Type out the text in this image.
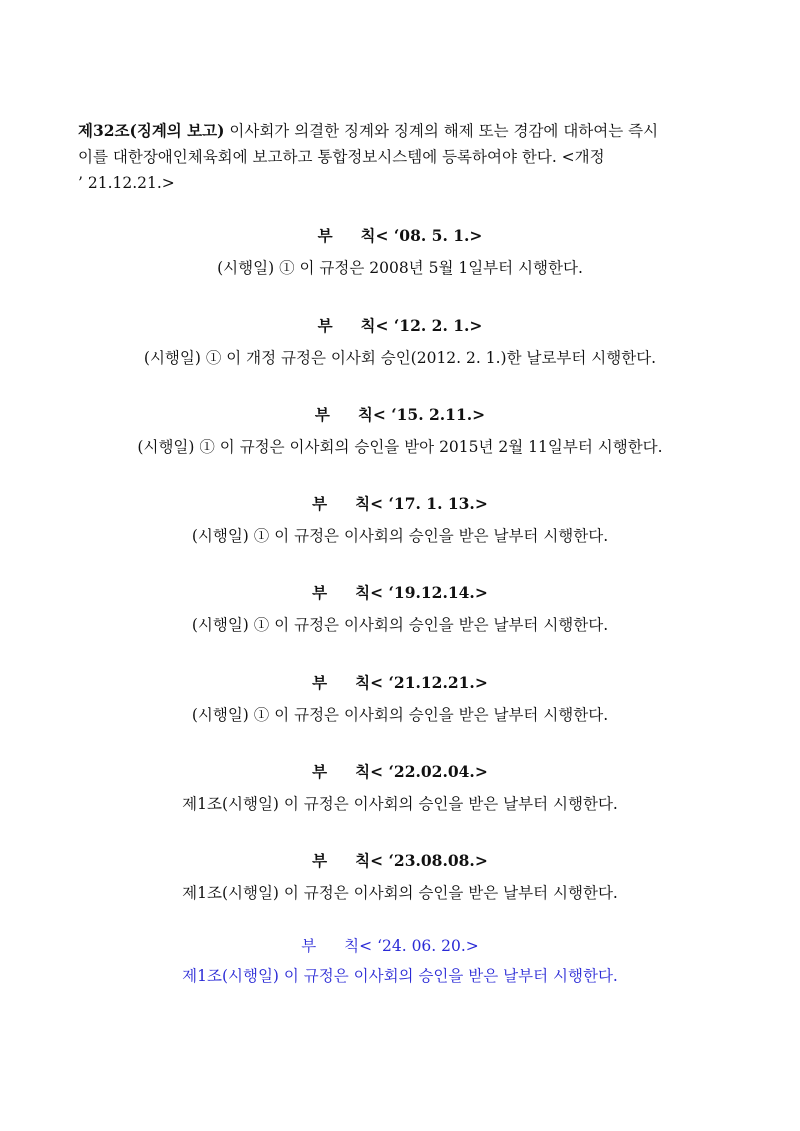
제32조(징계의 보고) 이사회가 의결한 징계와 징계의 해제 또는 경감에 대하여는 즉시
이를 대한장애인체육회에 보고하고 통합정보시스템에 등록하여야 한다. <개정
’ 21.12.21.>
부 칙< ‘08. 5. 1.>
(시행일) ① 이 규정은 2008년 5월 1일부터 시행한다.
부 칙< ‘12. 2. 1.>
(시행일) ① 이 개정 규정은 이사회 승인(2012. 2. 1.)한 날로부터 시행한다.
부 칙< ‘15. 2.11.>
(시행일) ① 이 규정은 이사회의 승인을 받아 2015년 2월 11일부터 시행한다.
부 칙< ‘17. 1. 13.>
(시행일) ① 이 규정은 이사회의 승인을 받은 날부터 시행한다.
부 칙< ‘19.12.14.>
(시행일) ① 이 규정은 이사회의 승인을 받은 날부터 시행한다.
부 칙< ‘21.12.21.>
(시행일) ① 이 규정은 이사회의 승인을 받은 날부터 시행한다.
부 칙< ‘22.02.04.>
제1조(시행일) 이 규정은 이사회의 승인을 받은 날부터 시행한다.
부 칙< ‘23.08.08.>
제1조(시행일) 이 규정은 이사회의 승인을 받은 날부터 시행한다.
부 칙< ‘24. 06. 20.>
제1조(시행일) 이 규정은 이사회의 승인을 받은 날부터 시행한다.
